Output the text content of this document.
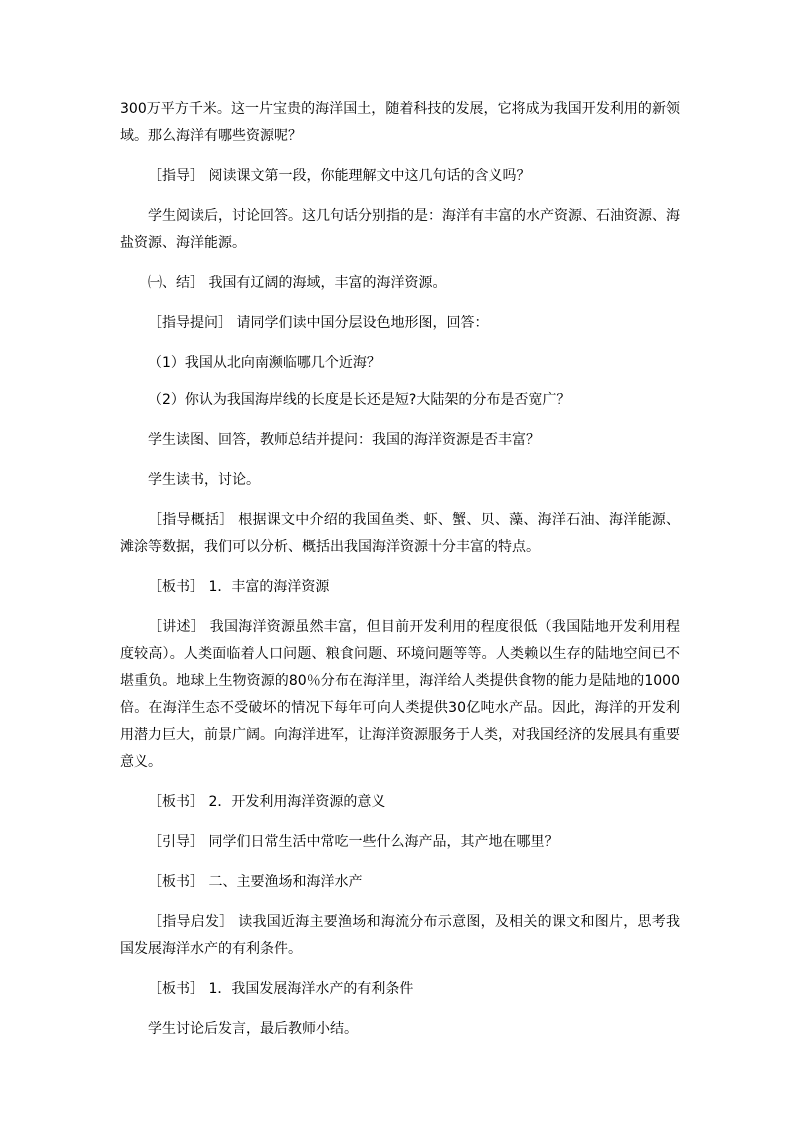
300万平方千米。这一片宝贵的海洋国土，随着科技的发展，它将成为我国开发利用的新领域。那么海洋有哪些资源呢？

［指导］ 阅读课文第一段，你能理解文中这几句话的含义吗？

学生阅读后，讨论回答。这几句话分别指的是：海洋有丰富的水产资源、石油资源、海盐资源、海洋能源。

㈠、结］ 我国有辽阔的海域，丰富的海洋资源。

［指导提问］ 请同学们读中国分层设色地形图，回答：

（1）我国从北向南濒临哪几个近海？

（2）你认为我国海岸线的长度是长还是短?大陆架的分布是否宽广？

学生读图、回答，教师总结并提问：我国的海洋资源是否丰富？

学生读书，讨论。

［指导概括］ 根据课文中介绍的我国鱼类、虾、蟹、贝、藻、海洋石油、海洋能源、滩涂等数据，我们可以分析、概括出我国海洋资源十分丰富的特点。

［板书］ 1．丰富的海洋资源

［讲述］ 我国海洋资源虽然丰富，但目前开发利用的程度很低（我国陆地开发利用程度较高）。人类面临着人口问题、粮食问题、环境问题等等。人类赖以生存的陆地空间已不堪重负。地球上生物资源的80％分布在海洋里，海洋给人类提供食物的能力是陆地的1000倍。在海洋生态不受破坏的情况下每年可向人类提供30亿吨水产品。因此，海洋的开发利用潜力巨大，前景广阔。向海洋进军，让海洋资源服务于人类，对我国经济的发展具有重要意义。

［板书］ 2．开发利用海洋资源的意义

［引导］ 同学们日常生活中常吃一些什么海产品，其产地在哪里？

［板书］ 二、主要渔场和海洋水产

［指导启发］ 读我国近海主要渔场和海流分布示意图，及相关的课文和图片，思考我国发展海洋水产的有利条件。

［板书］ 1．我国发展海洋水产的有利条件

学生讨论后发言，最后教师小结。
